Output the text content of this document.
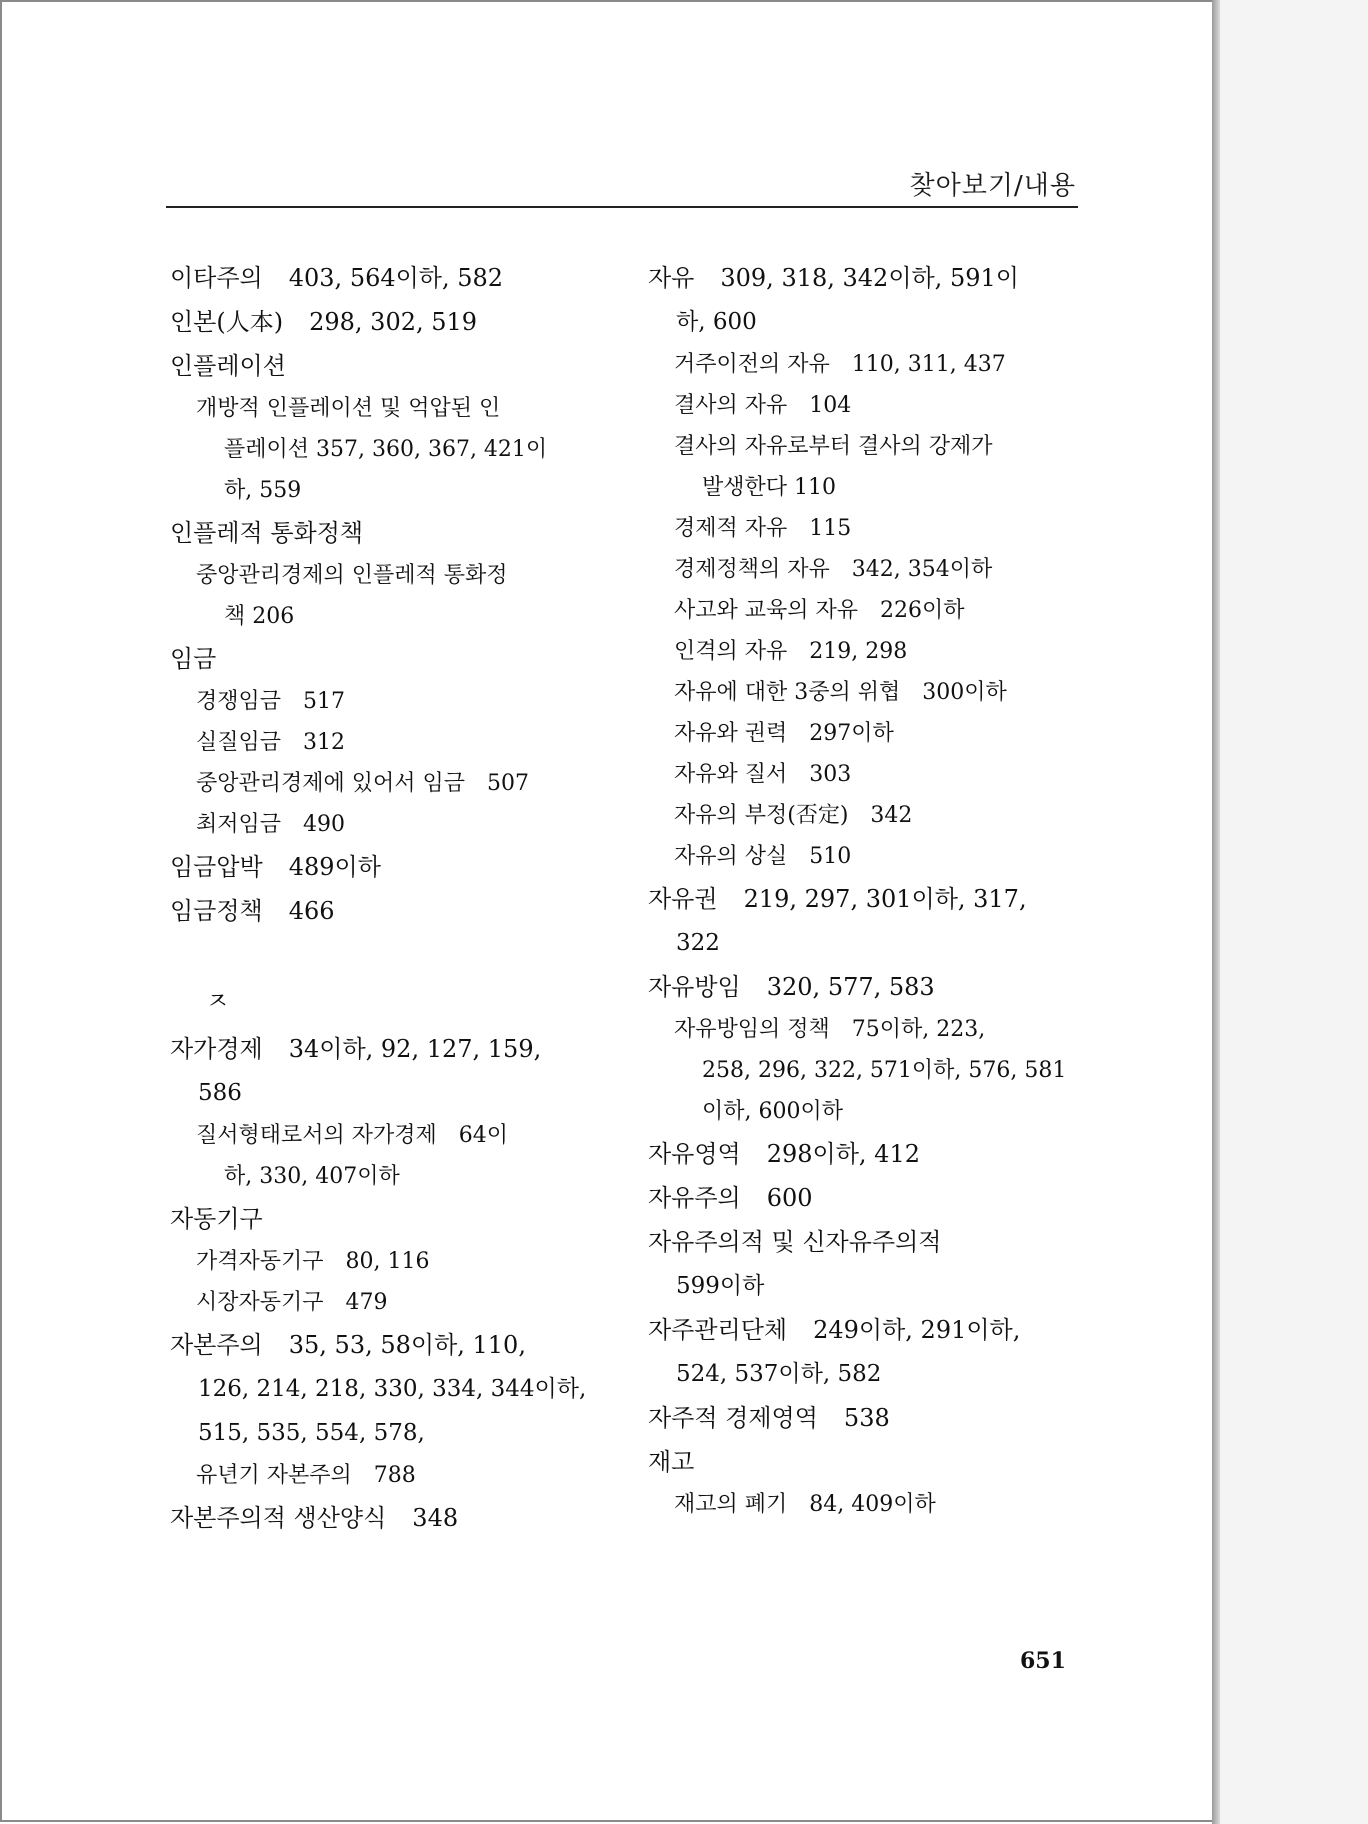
찾아보기/내용
이타주의 403, 564이하, 582
인본(人本) 298, 302, 519
인플레이션
개방적 인플레이션 및 억압된 인
플레이션 357, 360, 367, 421이
하, 559
인플레적 통화정책
중앙관리경제의 인플레적 통화정
책 206
임금
경쟁임금 517
실질임금 312
중앙관리경제에 있어서 임금 507
최저임금 490
임금압박 489이하
임금정책 466
ㅈ
자가경제 34이하, 92, 127, 159,
586
질서형태로서의 자가경제 64이
하, 330, 407이하
자동기구
가격자동기구 80, 116
시장자동기구 479
자본주의 35, 53, 58이하, 110,
126, 214, 218, 330, 334, 344이하,
515, 535, 554, 578,
유년기 자본주의 788
자본주의적 생산양식 348
자유 309, 318, 342이하, 591이
하, 600
거주이전의 자유 110, 311, 437
결사의 자유 104
결사의 자유로부터 결사의 강제가
발생한다 110
경제적 자유 115
경제정책의 자유 342, 354이하
사고와 교육의 자유 226이하
인격의 자유 219, 298
자유에 대한 3중의 위협 300이하
자유와 권력 297이하
자유와 질서 303
자유의 부정(否定) 342
자유의 상실 510
자유권 219, 297, 301이하, 317,
322
자유방임 320, 577, 583
자유방임의 정책 75이하, 223,
258, 296, 322, 571이하, 576, 581
이하, 600이하
자유영역 298이하, 412
자유주의 600
자유주의적 및 신자유주의적
599이하
자주관리단체 249이하, 291이하,
524, 537이하, 582
자주적 경제영역 538
재고
재고의 폐기 84, 409이하
651
